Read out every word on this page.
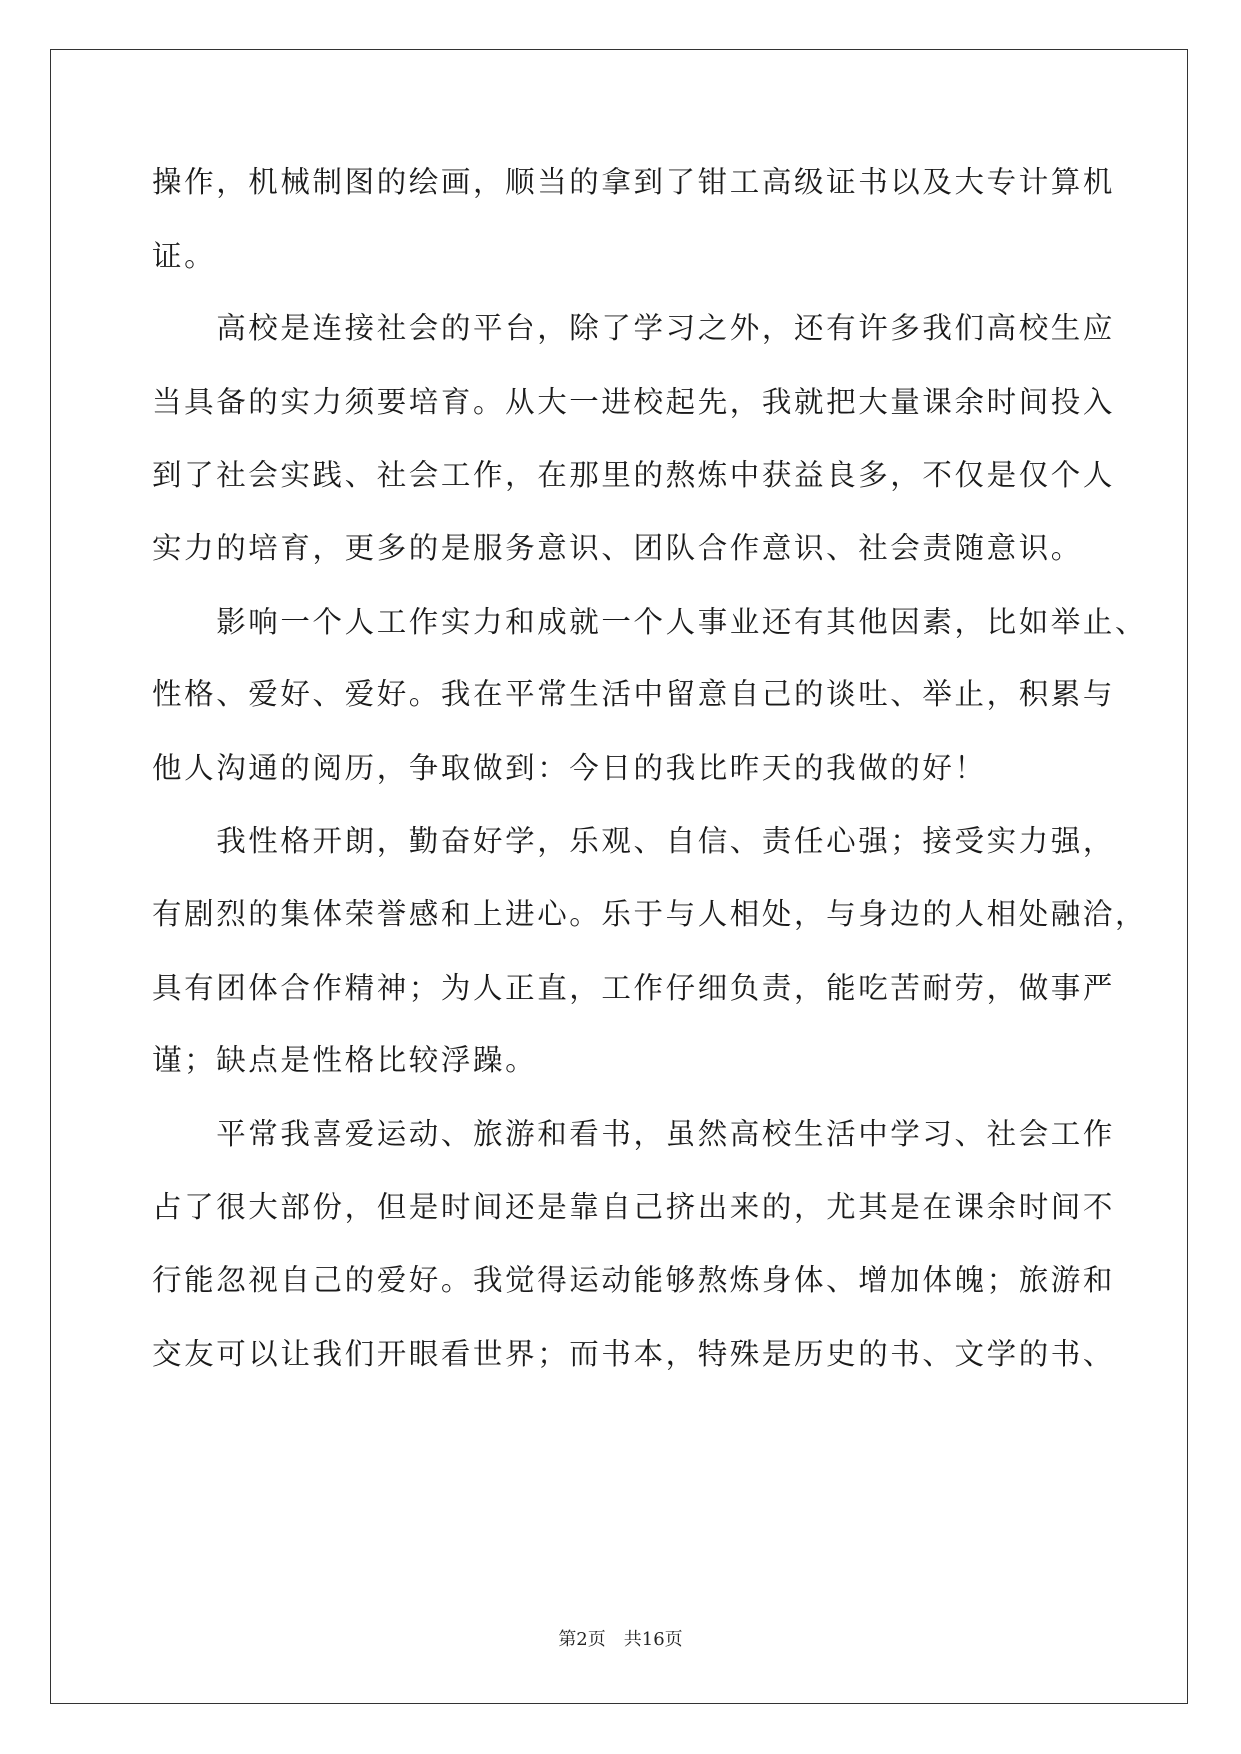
操作，机械制图的绘画，顺当的拿到了钳工高级证书以及大专计算机
证。
　　高校是连接社会的平台，除了学习之外，还有许多我们高校生应
当具备的实力须要培育。从大一进校起先，我就把大量课余时间投入
到了社会实践、社会工作，在那里的熬炼中获益良多，不仅是仅个人
实力的培育，更多的是服务意识、团队合作意识、社会责随意识。
　　影响一个人工作实力和成就一个人事业还有其他因素，比如举止、
性格、爱好、爱好。我在平常生活中留意自己的谈吐、举止，积累与
他人沟通的阅历，争取做到：今日的我比昨天的我做的好！
　　我性格开朗，勤奋好学，乐观、自信、责任心强；接受实力强，
有剧烈的集体荣誉感和上进心。乐于与人相处，与身边的人相处融洽，
具有团体合作精神；为人正直，工作仔细负责，能吃苦耐劳，做事严
谨；缺点是性格比较浮躁。
　　平常我喜爱运动、旅游和看书，虽然高校生活中学习、社会工作
占了很大部份，但是时间还是靠自己挤出来的，尤其是在课余时间不
行能忽视自己的爱好。我觉得运动能够熬炼身体、增加体魄；旅游和
交友可以让我们开眼看世界；而书本，特殊是历史的书、文学的书、
第2页　共16页
